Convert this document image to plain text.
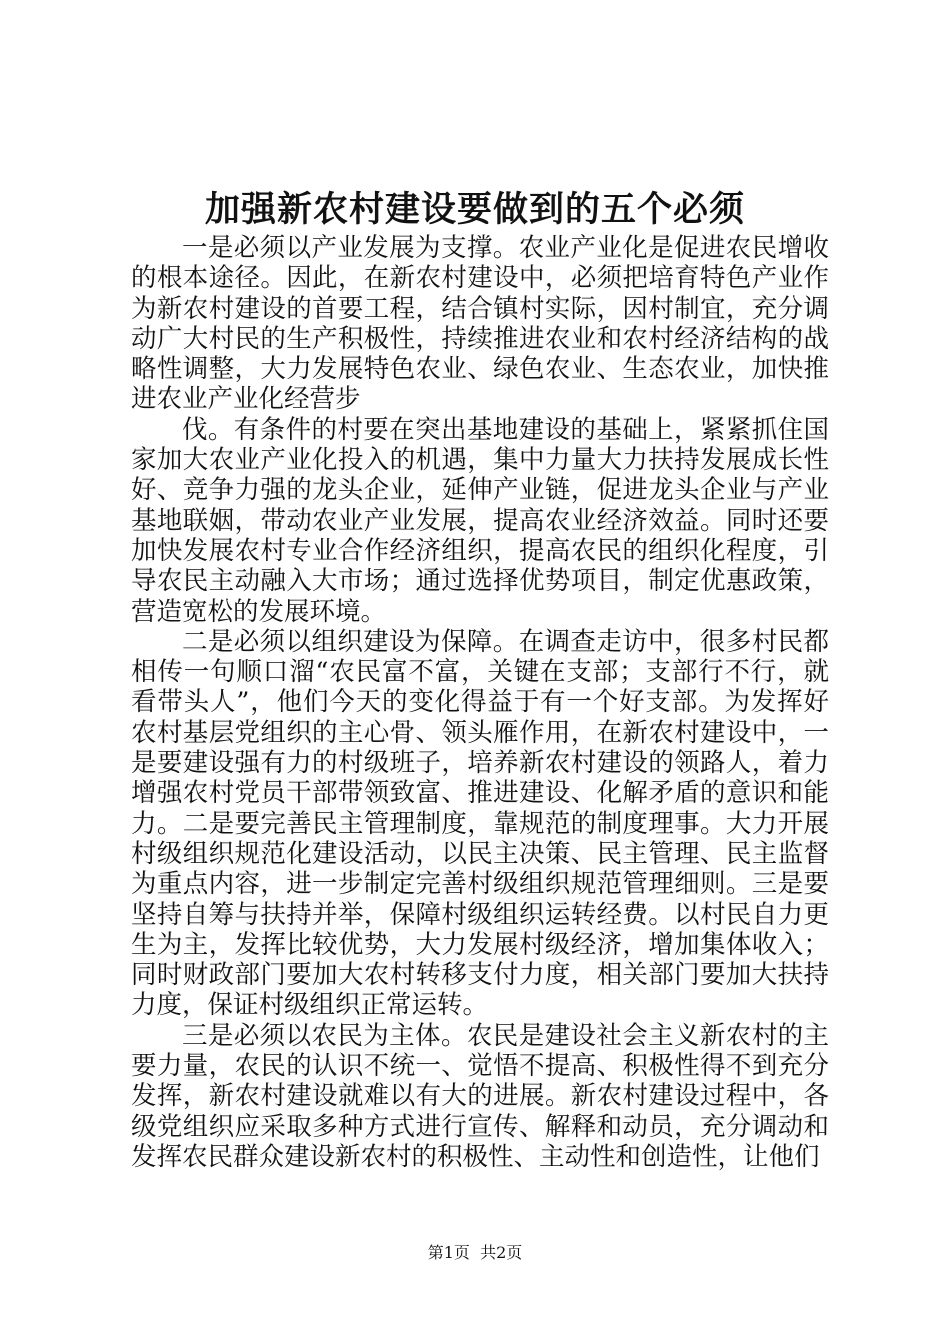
加强新农村建设要做到的五个必须

一是必须以产业发展为支撑。农业产业化是促进农民增收的根本途径。因此，在新农村建设中，必须把培育特色产业作为新农村建设的首要工程，结合镇村实际，因村制宜，充分调动广大村民的生产积极性，持续推进农业和农村经济结构的战略性调整，大力发展特色农业、绿色农业、生态农业，加快推进农业产业化经营步

伐。有条件的村要在突出基地建设的基础上，紧紧抓住国家加大农业产业化投入的机遇，集中力量大力扶持发展成长性好、竞争力强的龙头企业，延伸产业链，促进龙头企业与产业基地联姻，带动农业产业发展，提高农业经济效益。同时还要加快发展农村专业合作经济组织，提高农民的组织化程度，引导农民主动融入大市场；通过选择优势项目，制定优惠政策，营造宽松的发展环境。

二是必须以组织建设为保障。在调查走访中，很多村民都相传一句顺口溜“农民富不富，关键在支部；支部行不行，就看带头人”，他们今天的变化得益于有一个好支部。为发挥好农村基层党组织的主心骨、领头雁作用，在新农村建设中，一是要建设强有力的村级班子，培养新农村建设的领路人，着力增强农村党员干部带领致富、推进建设、化解矛盾的意识和能力。二是要完善民主管理制度，靠规范的制度理事。大力开展村级组织规范化建设活动，以民主决策、民主管理、民主监督为重点内容，进一步制定完善村级组织规范管理细则。三是要坚持自筹与扶持并举，保障村级组织运转经费。以村民自力更生为主，发挥比较优势，大力发展村级经济，增加集体收入；同时财政部门要加大农村转移支付力度，相关部门要加大扶持力度，保证村级组织正常运转。

三是必须以农民为主体。农民是建设社会主义新农村的主要力量，农民的认识不统一、觉悟不提高、积极性得不到充分发挥，新农村建设就难以有大的进展。新农村建设过程中，各级党组织应采取多种方式进行宣传、解释和动员，充分调动和发挥农民群众建设新农村的积极性、主动性和创造性，让他们

第1页  共2页
